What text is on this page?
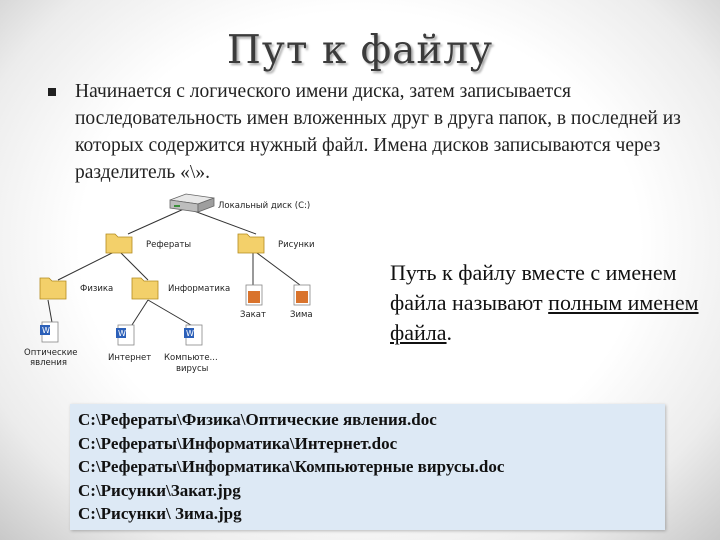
Пут к файлу
Начинается с логического имени диска, затем записывается последовательность имен вложенных друг в друга папок, в последней из которых содержится нужный файл. Имена дисков записываются через разделитель «\».
W	W	W
Локальный диск (C:)
Рефераты	Рисунки
Физика	Информатика
Закат	Зима
Оптические
явления	Интернет Компьюте...
вирусы
Путь к файлу вместе с именем файла называют полным именем файла.
C:\Рефераты\Физика\Оптические явления.doc
C:\Рефераты\Информатика\Интернет.doc
C:\Рефераты\Информатика\Компьютерные вирусы.doc
C:\Рисунки\Закат.jpg
C:\Рисунки\ Зима.jpg
